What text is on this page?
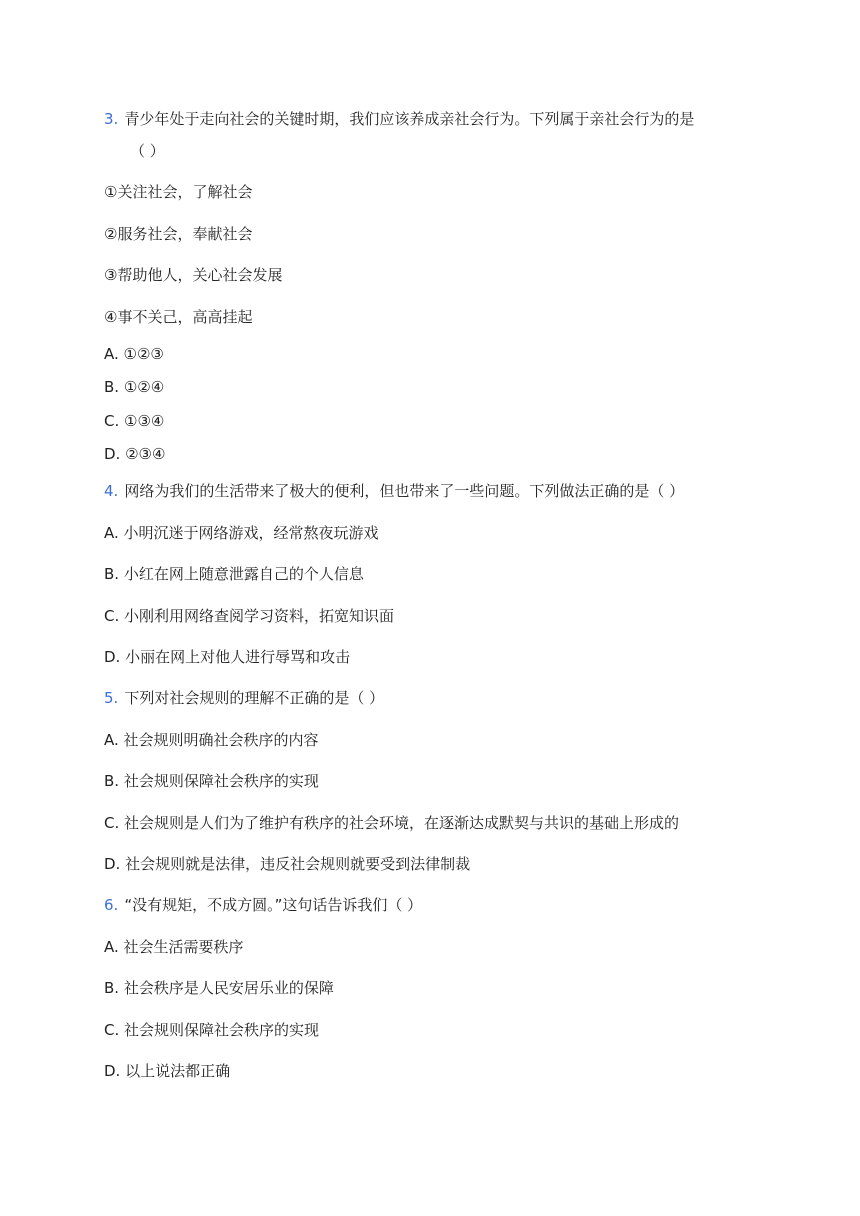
3. 青少年处于走向社会的关键时期，我们应该养成亲社会行为。下列属于亲社会行为的是
（ ）
①关注社会，了解社会
②服务社会，奉献社会
③帮助他人，关心社会发展
④事不关己，高高挂起
A. ①②③
B. ①②④
C. ①③④
D. ②③④
4. 网络为我们的生活带来了极大的便利，但也带来了一些问题。下列做法正确的是（ ）
A. 小明沉迷于网络游戏，经常熬夜玩游戏
B. 小红在网上随意泄露自己的个人信息
C. 小刚利用网络查阅学习资料，拓宽知识面
D. 小丽在网上对他人进行辱骂和攻击
5. 下列对社会规则的理解不正确的是（ ）
A. 社会规则明确社会秩序的内容
B. 社会规则保障社会秩序的实现
C. 社会规则是人们为了维护有秩序的社会环境，在逐渐达成默契与共识的基础上形成的
D. 社会规则就是法律，违反社会规则就要受到法律制裁
6. “没有规矩，不成方圆。”这句话告诉我们（ ）
A. 社会生活需要秩序
B. 社会秩序是人民安居乐业的保障
C. 社会规则保障社会秩序的实现
D. 以上说法都正确
